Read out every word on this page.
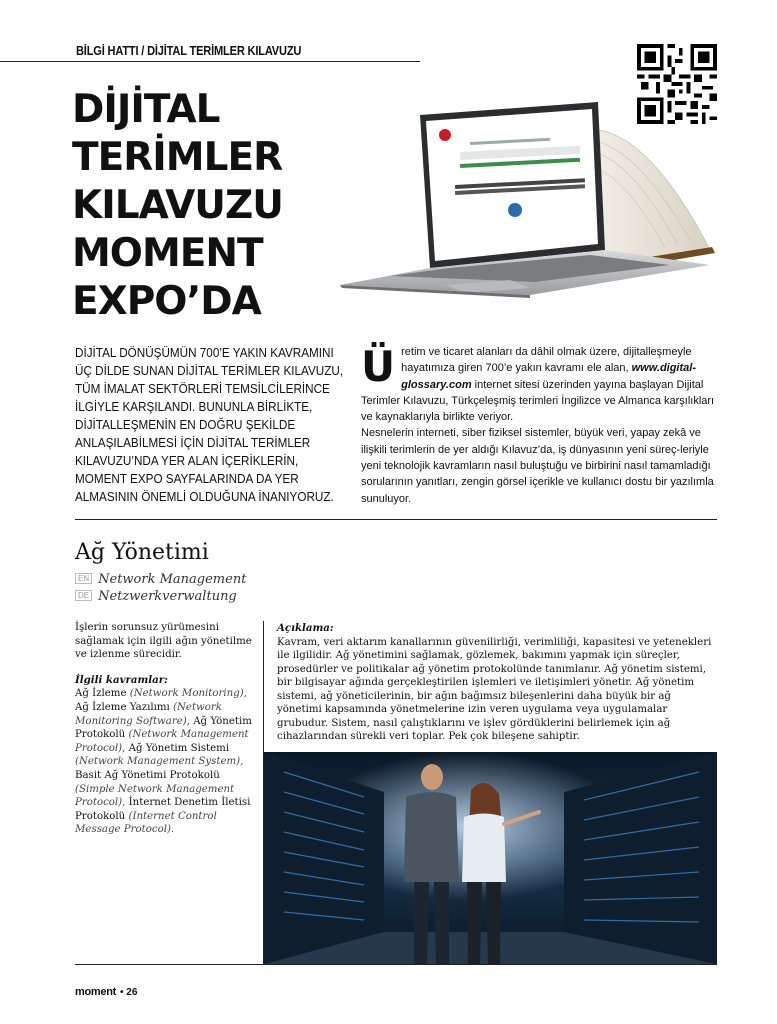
BİLGİ HATTI / DİJİTAL TERİMLER KILAVUZU
DİJİTAL
TERİMLER
KILAVUZU
MOMENT
EXPO’DA
DİJİTAL DÖNÜŞÜMÜN 700’E YAKIN KAVRAMINI ÜÇ DİLDE SUNAN DİJİTAL TERİMLER KILAVUZU, TÜM İMALAT SEKTÖRLERİ TEMSİLCİLERİNCE İLGİYLE KARŞILANDI. BUNUNLA BİRLİKTE, DİJİTALLEŞMENİN EN DOĞRU ŞEKİLDE ANLAŞILABİLMESİ İÇİN DİJİTAL TERİMLER KILAVUZU’NDA YER ALAN İÇERİKLERİN, MOMENT EXPO SAYFALARINDA DA YER ALMASININ ÖNEMLİ OLDUĞUNA İNANIYORUZ.
Ü retim ve ticaret alanları da dâhil olmak üzere, dijitalleşmeyle hayatımıza giren 700’e yakın kavramı ele alan, www.digital-glossary.com internet sitesi üzerinden yayına başlayan Dijital Terimler Kılavuzu, Türkçeleşmiş terimleri İngilizce ve Almanca karşılıkları ve kaynaklarıyla birlikte veriyor.

Nesnelerin interneti, siber fiziksel sistemler, büyük veri, yapay zekâ ve ilişkili terimlerin de yer aldığı Kılavuz’da, iş dünyasının yeni süreç-leriyle yeni teknolojik kavramların nasıl buluştuğu ve birbirini nasıl tamamladığı sorularının yanıtları, zengin görsel içerikle ve kullanıcı dostu bir yazılımla sunuluyor.

Ağ Yönetimi
EN Network Management
DE Netzwerkverwaltung

İşlerin sorunsuz yürümesini sağlamak için ilgili ağın yönetilme ve izlenme sürecidir.

İlgili kavramlar:
Ağ İzleme (Network Monitoring), Ağ İzleme Yazılımı (Network Monitoring Software), Ağ Yönetim Protokolü (Network Management Protocol), Ağ Yönetim Sistemi (Network Management System), Basit Ağ Yönetimi Protokolü (Simple Network Management Protocol), İnternet Denetim İletisi Protokolü (Internet Control Message Protocol).
Açıklama:
Kavram, veri aktarım kanallarının güvenilirliği, verimliliği, kapasitesi ve yetenekleri ile ilgilidir. Ağ yönetimini sağlamak, gözlemek, bakımını yapmak için süreçler, prosedürler ve politikalar ağ yönetim protokolünde tanımlanır. Ağ yönetim sistemi, bir bilgisayar ağında gerçekleştirilen işlemleri ve iletişimleri yönetir. Ağ yönetim sistemi, ağ yöneticilerinin, bir ağın bağımsız bileşenlerini daha büyük bir ağ yönetimi kapsamında yönetmelerine izin veren uygulama veya uygulamalar grubudur. Sistem, nasıl çalıştıklarını ve işlev gördüklerini belirlemek için ağ cihazlarından sürekli veri toplar. Pek çok bileşene sahiptir.
moment • 26
